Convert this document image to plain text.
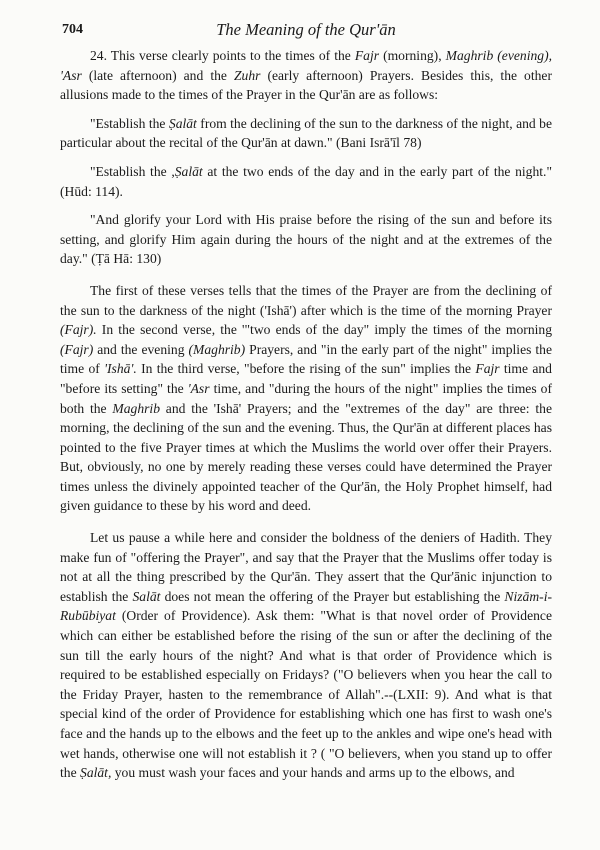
704	The Meaning of the Qur'ān

24. This verse clearly points to the times of the Fajr (morning), Maghrib (evening), 'Asr (late afternoon) and the Zuhr (early afternoon) Prayers. Besides this, the other allusions made to the times of the Prayer in the Qur'ān are as follows:

"Establish the Ṣalāt from the declining of the sun to the darkness of the night, and be particular about the recital of the Qur'ān at dawn." (Bani Isrā'īl 78)

"Establish the ,Ṣalāt at the two ends of the day and in the early part of the night." (Hūd: 114).

"And glorify your Lord with His praise before the rising of the sun and before its setting, and glorify Him again during the hours of the night and at the extremes of the day." (Ṭā Hā: 130)

The first of these verses tells that the times of the Prayer are from the declining of the sun to the darkness of the night ('Ishā') after which is the time of the morning Prayer (Fajr). In the second verse, the '"two ends of the day" imply the times of the morning (Fajr) and the evening (Maghrib) Prayers, and "in the early part of the night" implies the time of 'Ishā'. In the third verse, "before the rising of the sun" implies the Fajr time and "before its setting" the 'Asr time, and "during the hours of the night" implies the times of both the Maghrib and the 'Ishā' Prayers; and the "extremes of the day" are three: the morning, the declining of the sun and the evening. Thus, the Qur'ān at different places has pointed to the five Prayer times at which the Muslims the world over offer their Prayers. But, obviously, no one by merely reading these verses could have determined the Prayer times unless the divinely appointed teacher of the Qur'ān, the Holy Prophet himself, had given guidance to these by his word and deed.

Let us pause a while here and consider the boldness of the deniers of Hadith. They make fun of "offering the Prayer", and say that the Prayer that the Muslims offer today is not at all the thing prescribed by the Qur'ān. They assert that the Qur'ānic injunction to establish the Salāt does not mean the offering of the Prayer but establishing the Nizām-i-Rubūbiyat (Order of Providence). Ask them: "What is that novel order of Providence which can either be established before the rising of the sun or after the declining of the sun till the early hours of the night? And what is that order of Providence which is required to be established especially on Fridays? ("O believers when you hear the call to the Friday Prayer, hasten to the remembrance of Allah".--(LXII: 9). And what is that special kind of the order of Providence for establishing which one has first to wash one's face and the hands up to the elbows and the feet up to the ankles and wipe one's head with wet hands, otherwise one will not establish it ? ( "O believers, when you stand up to offer the Ṣalāt, you must wash your faces and your hands and arms up to the elbows, and
